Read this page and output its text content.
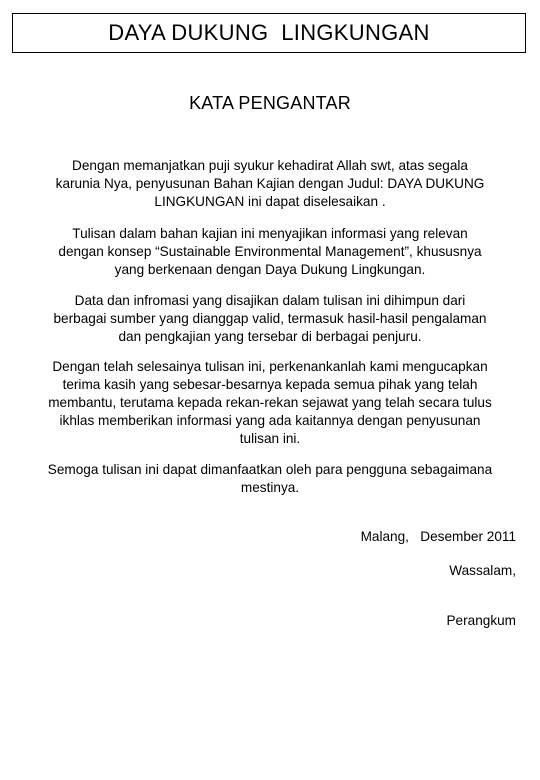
DAYA DUKUNG  LINGKUNGAN
KATA PENGANTAR

Dengan memanjatkan puji syukur kehadirat Allah swt, atas segala
karunia Nya, penyusunan Bahan Kajian dengan Judul: DAYA DUKUNG
LINGKUNGAN ini dapat diselesaikan .

Tulisan dalam bahan kajian ini menyajikan informasi yang relevan
dengan konsep “Sustainable Environmental Management”, khususnya
yang berkenaan dengan Daya Dukung Lingkungan.

Data dan infromasi yang disajikan dalam tulisan ini dihimpun dari
berbagai sumber yang dianggap valid, termasuk hasil-hasil pengalaman
dan pengkajian yang tersebar di berbagai penjuru.

Dengan telah selesainya tulisan ini, perkenankanlah kami mengucapkan
terima kasih yang sebesar-besarnya kepada semua pihak yang telah
membantu, terutama kepada rekan-rekan sejawat yang telah secara tulus
ikhlas memberikan informasi yang ada kaitannya dengan penyusunan
tulisan ini.

Semoga tulisan ini dapat dimanfaatkan oleh para pengguna sebagaimana
mestinya.

Malang,   Desember 2011
Wassalam,
Perangkum
